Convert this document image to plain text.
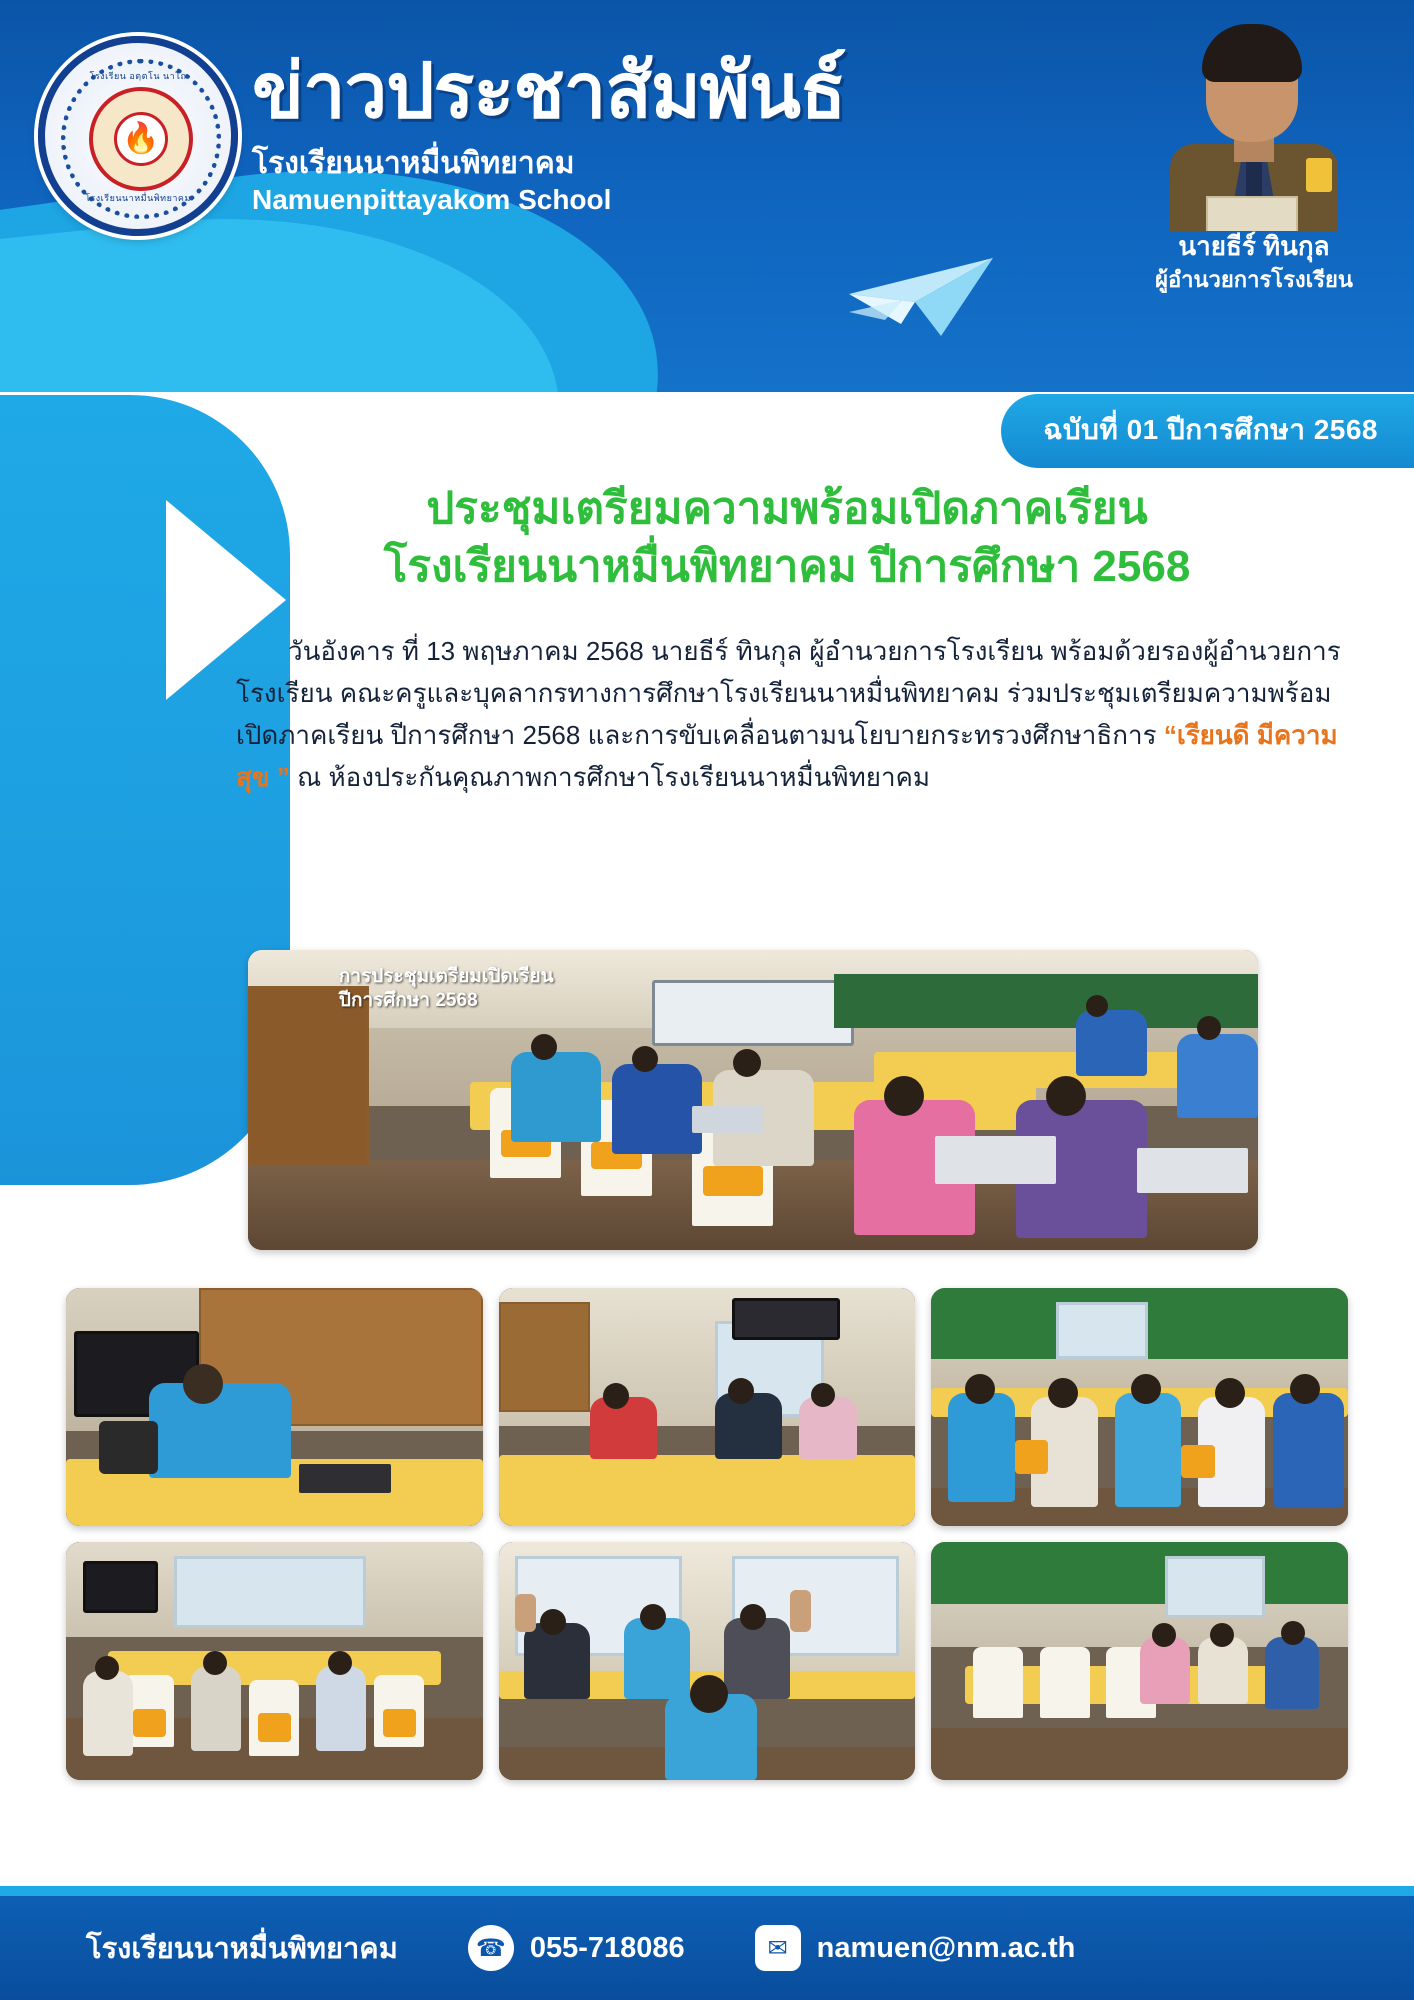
โรงเรียน อตฺตโน นาโถ
🔥
โรงเรียนนาหมื่นพิทยาคม
ข่าวประชาสัมพันธ์
โรงเรียนนาหมื่นพิทยาคม
Namuenpittayakom School
นายธีร์ ทินกุล
ผู้อำนวยการโรงเรียน
ฉบับที่ 01 ปีการศึกษา 2568
ประชุมเตรียมความพร้อมเปิดภาคเรียน
โรงเรียนนาหมื่นพิทยาคม ปีการศึกษา 2568
วันอังคาร ที่ 13 พฤษภาคม 2568 นายธีร์ ทินกุล ผู้อำนวยการโรงเรียน พร้อมด้วยรองผู้อำนวยการโรงเรียน คณะครูและบุคลากรทางการศึกษาโรงเรียนนาหมื่นพิทยาคม ร่วมประชุมเตรียมความพร้อมเปิดภาคเรียน ปีการศึกษา 2568 และการขับเคลื่อนตามนโยบายกระทรวงศึกษาธิการ “เรียนดี มีความสุข ” ณ ห้องประกันคุณภาพการศึกษาโรงเรียนนาหมื่นพิทยาคม
การประชุมเตรียมเปิดเรียน
ปีการศึกษา 2568
โรงเรียนนาหมื่นพิทยาคม	☎ 055-718086	✉ namuen@nm.ac.th
